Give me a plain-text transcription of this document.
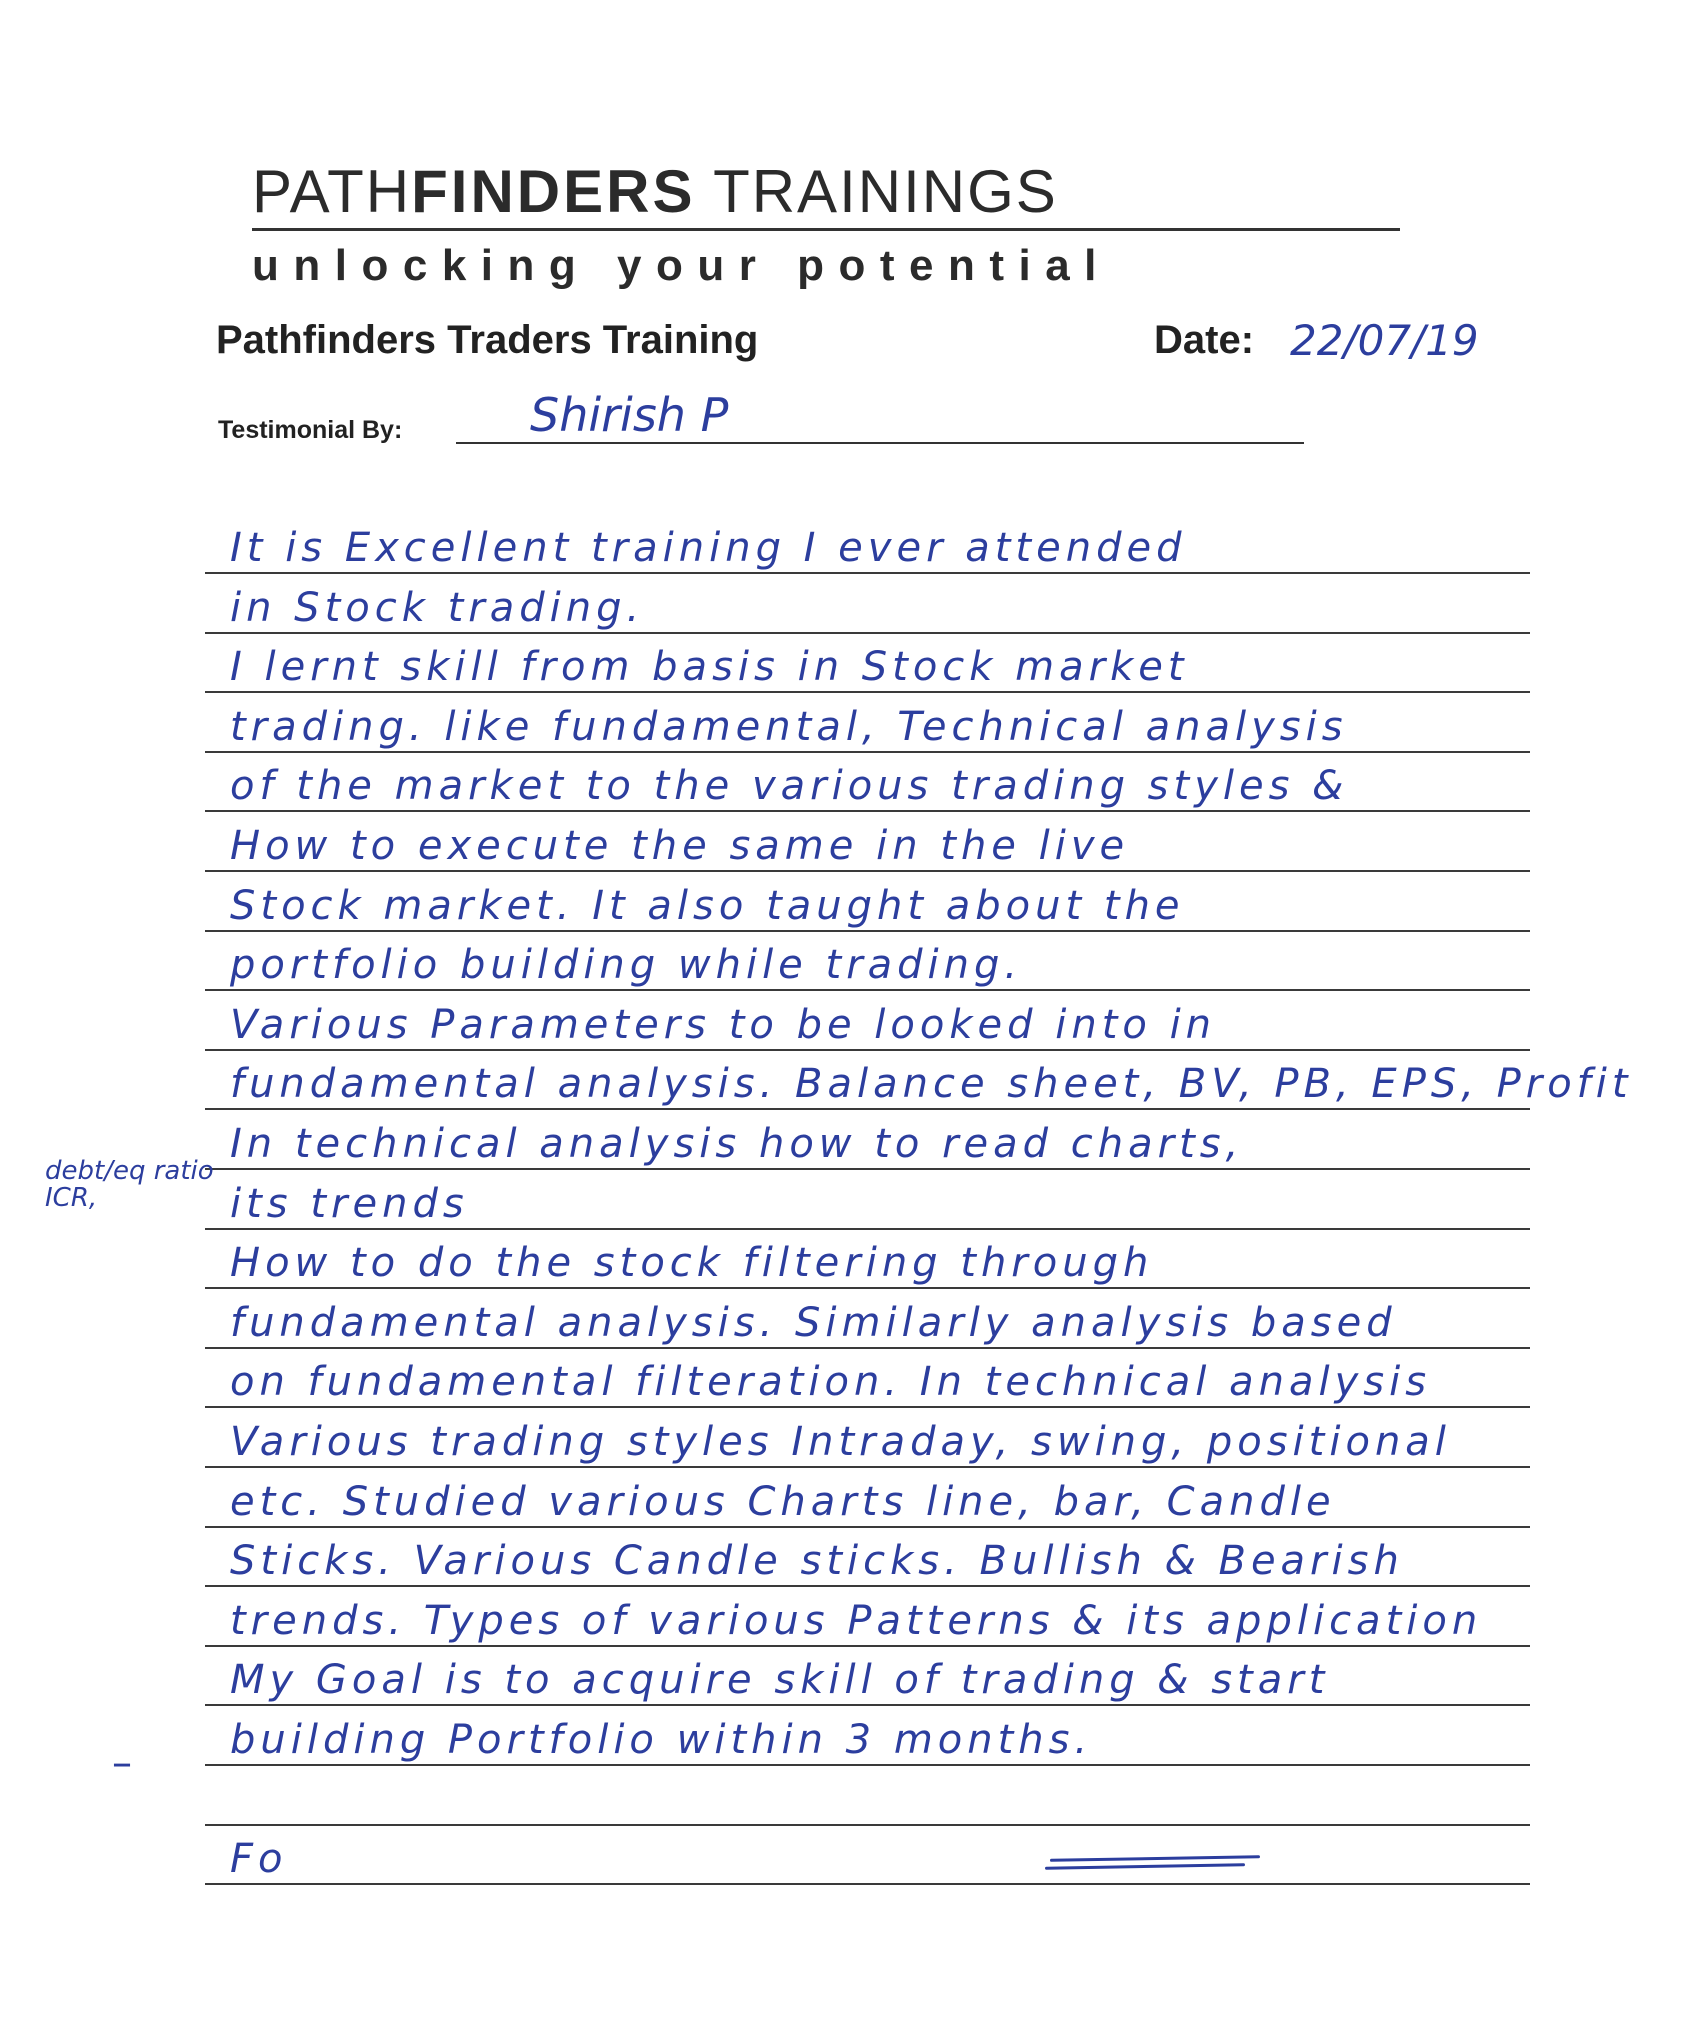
PATHFINDERS TRAININGS
unlocking your potential
Pathfinders Traders Training	Date: 22/07/19
Testimonial By:	Shirish P
It is Excellent training I ever attended
in Stock trading.
I lernt skill from basis in Stock market
trading. like fundamental, Technical analysis
of the market to the various trading styles &
How to execute the same in the live
Stock market. It also taught about the
portfolio building while trading.
Various Parameters to be looked into in
fundamental analysis. Balance sheet, BV, PB, EPS, Profit
In technical analysis how to read charts,
its trends
How to do the stock filtering through
fundamental analysis. Similarly analysis based
on fundamental filteration. In technical analysis
Various trading styles Intraday, swing, positional
etc. Studied various Charts line, bar, Candle
Sticks. Various Candle sticks. Bullish & Bearish
trends. Types of various Patterns & its application
My Goal is to acquire skill of trading & start
building Portfolio within 3 months.
Fo
debt/eq ratio
ICR,
–
